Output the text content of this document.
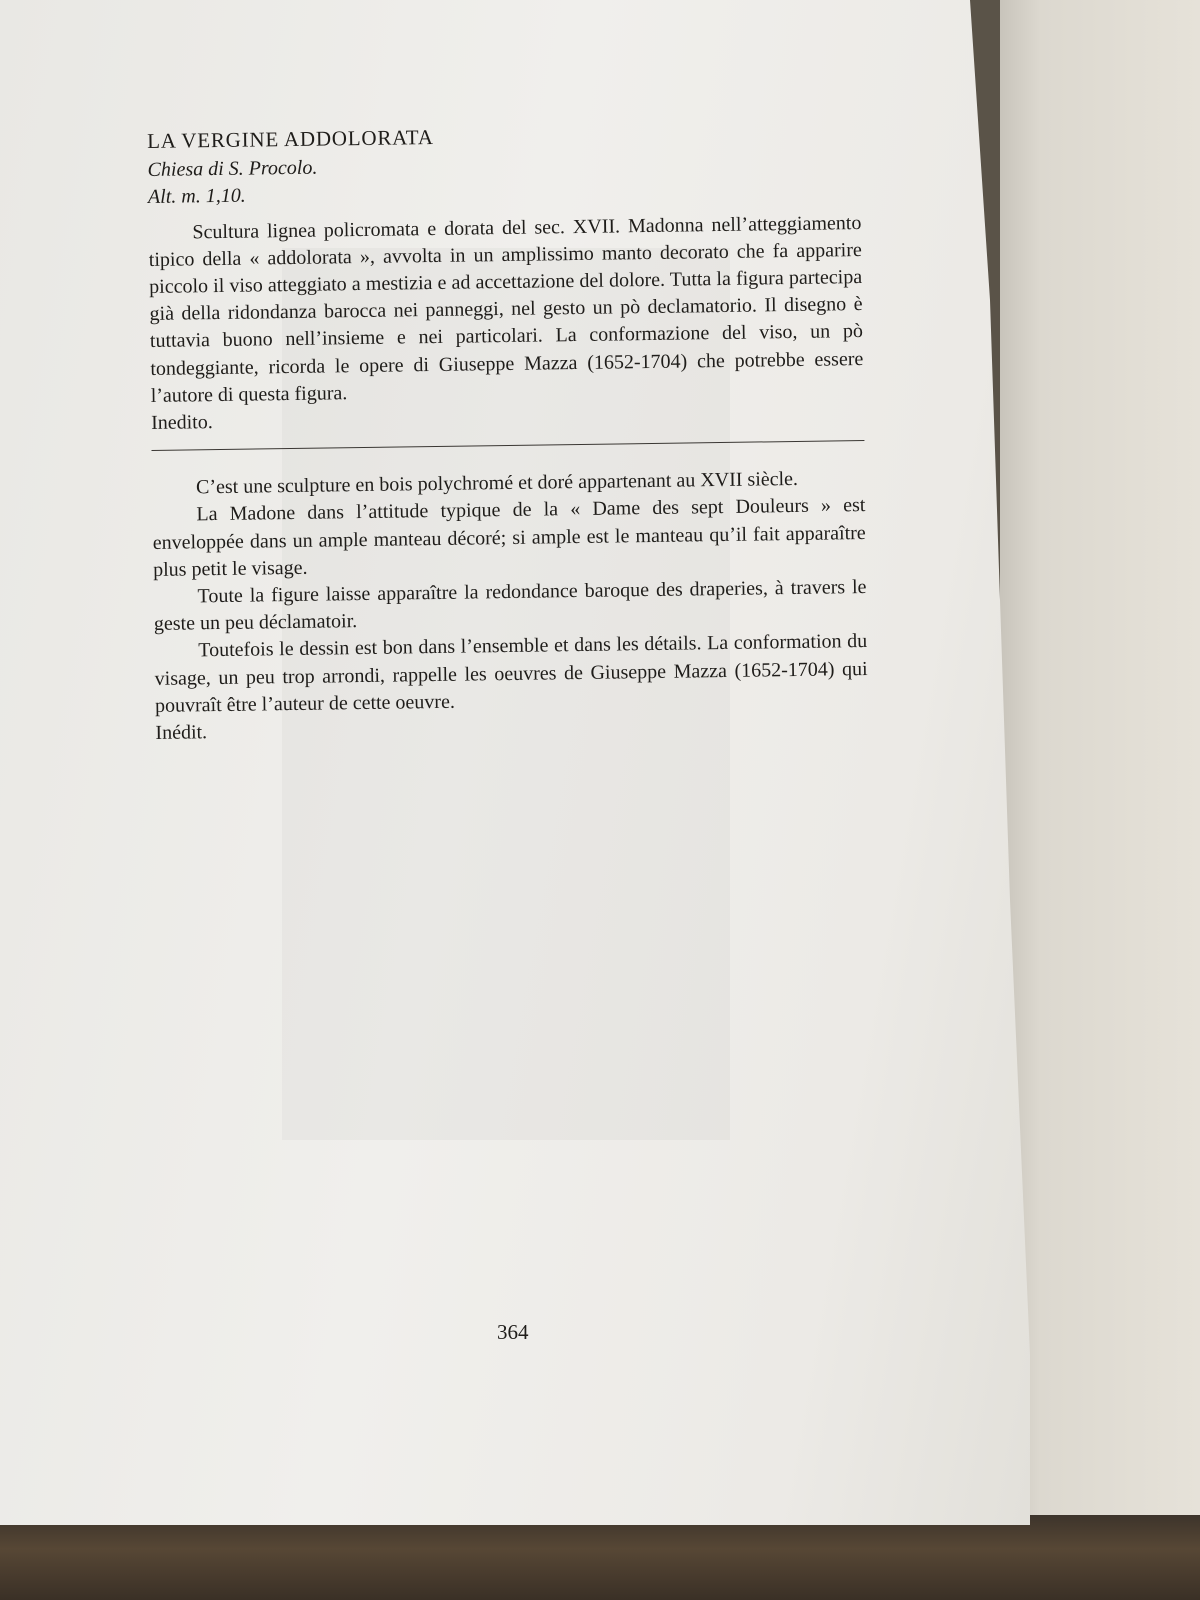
LA VERGINE ADDOLORATA
Chiesa di S. Procolo.
Alt. m. 1,10.

Scultura lignea policromata e dorata del sec. XVII. Madonna nell’atteggiamento tipico della « addolorata », avvolta in un amplissimo manto decorato che fa apparire piccolo il viso atteggiato a mestizia e ad accettazione del dolore. Tutta la figura partecipa già della ridondanza barocca nei panneggi, nel gesto un pò declamatorio. Il disegno è tuttavia buono nell’insieme e nei particolari. La conformazione del viso, un pò tondeggiante, ricorda le opere di Giuseppe Mazza (1652-1704) che potrebbe essere l’autore di questa figura.

Inedito.

C’est une sculpture en bois polychromé et doré appartenant au XVII siècle.

La Madone dans l’attitude typique de la « Dame des sept Douleurs » est enveloppée dans un ample manteau décoré; si ample est le manteau qu’il fait apparaître plus petit le visage.

Toute la figure laisse apparaître la redondance baroque des draperies, à travers le geste un peu déclamatoir.

Toutefois le dessin est bon dans l’ensemble et dans les détails. La conformation du visage, un peu trop arrondi, rappelle les oeuvres de Giuseppe Mazza (1652-1704) qui pouvraît être l’auteur de cette oeuvre.

Inédit.
364
